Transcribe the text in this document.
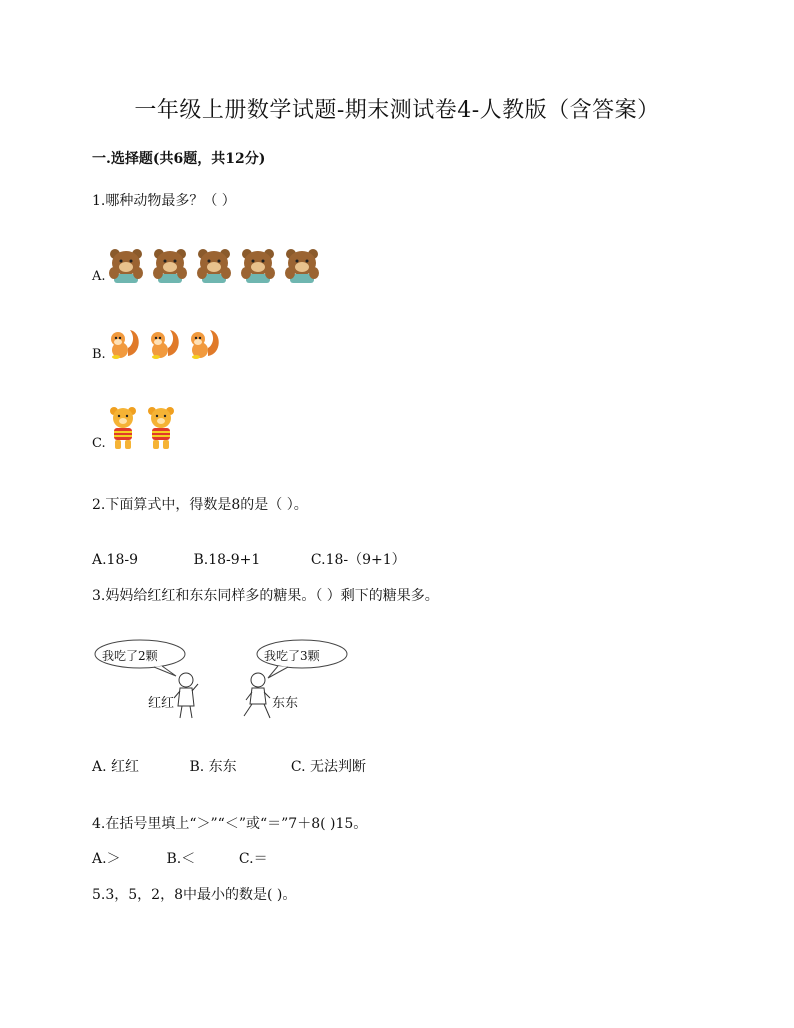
一年级上册数学试题-期末测试卷4-人教版（含答案）
一.选择题(共6题，共12分)
1.哪种动物最多？（ ）
A.
B.
C.
2.下面算式中，得数是8的是（ ）。
A.18-9	B.18-9+1	C.18-（9+1）
3.妈妈给红红和东东同样多的糖果。（ ）剩下的糖果多。
我吃了2颗	我吃了3颗
红红	东东
A. 红红	B. 东东	C. 无法判断
4.在括号里填上“＞”“＜”或“＝”7＋8( )15。
A.＞	B.＜	C.＝
5.3，5，2，8中最小的数是( )。
